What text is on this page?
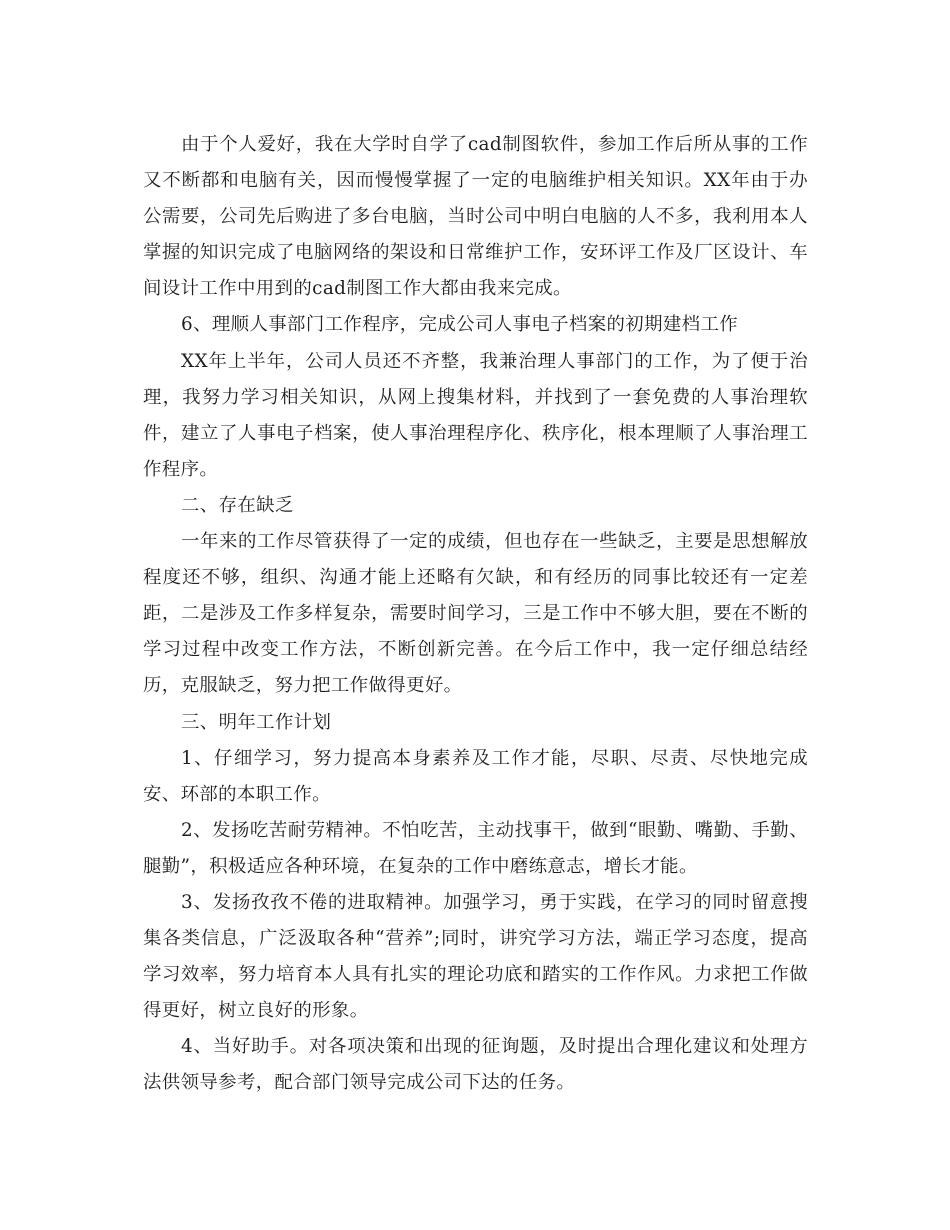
由于个人爱好，我在大学时自学了cad制图软件，参加工作后所从事的工作又不断都和电脑有关，因而慢慢掌握了一定的电脑维护相关知识。XX年由于办公需要，公司先后购进了多台电脑，当时公司中明白电脑的人不多，我利用本人掌握的知识完成了电脑网络的架设和日常维护工作，安环评工作及厂区设计、车间设计工作中用到的cad制图工作大都由我来完成。

6、理顺人事部门工作程序，完成公司人事电子档案的初期建档工作

XX年上半年，公司人员还不齐整，我兼治理人事部门的工作，为了便于治理，我努力学习相关知识，从网上搜集材料，并找到了一套免费的人事治理软件，建立了人事电子档案，使人事治理程序化、秩序化，根本理顺了人事治理工作程序。

二、存在缺乏

一年来的工作尽管获得了一定的成绩，但也存在一些缺乏，主要是思想解放程度还不够，组织、沟通才能上还略有欠缺，和有经历的同事比较还有一定差距，二是涉及工作多样复杂，需要时间学习，三是工作中不够大胆，要在不断的学习过程中改变工作方法，不断创新完善。在今后工作中，我一定仔细总结经历，克服缺乏，努力把工作做得更好。

三、明年工作计划

1、仔细学习，努力提高本身素养及工作才能，尽职、尽责、尽快地完成安、环部的本职工作。

2、发扬吃苦耐劳精神。不怕吃苦，主动找事干，做到“眼勤、嘴勤、手勤、腿勤”，积极适应各种环境，在复杂的工作中磨练意志，增长才能。

3、发扬孜孜不倦的进取精神。加强学习，勇于实践，在学习的同时留意搜集各类信息，广泛汲取各种“营养”;同时，讲究学习方法，端正学习态度，提高学习效率，努力培育本人具有扎实的理论功底和踏实的工作作风。力求把工作做得更好，树立良好的形象。

4、当好助手。对各项决策和出现的征询题，及时提出合理化建议和处理方法供领导参考，配合部门领导完成公司下达的任务。
